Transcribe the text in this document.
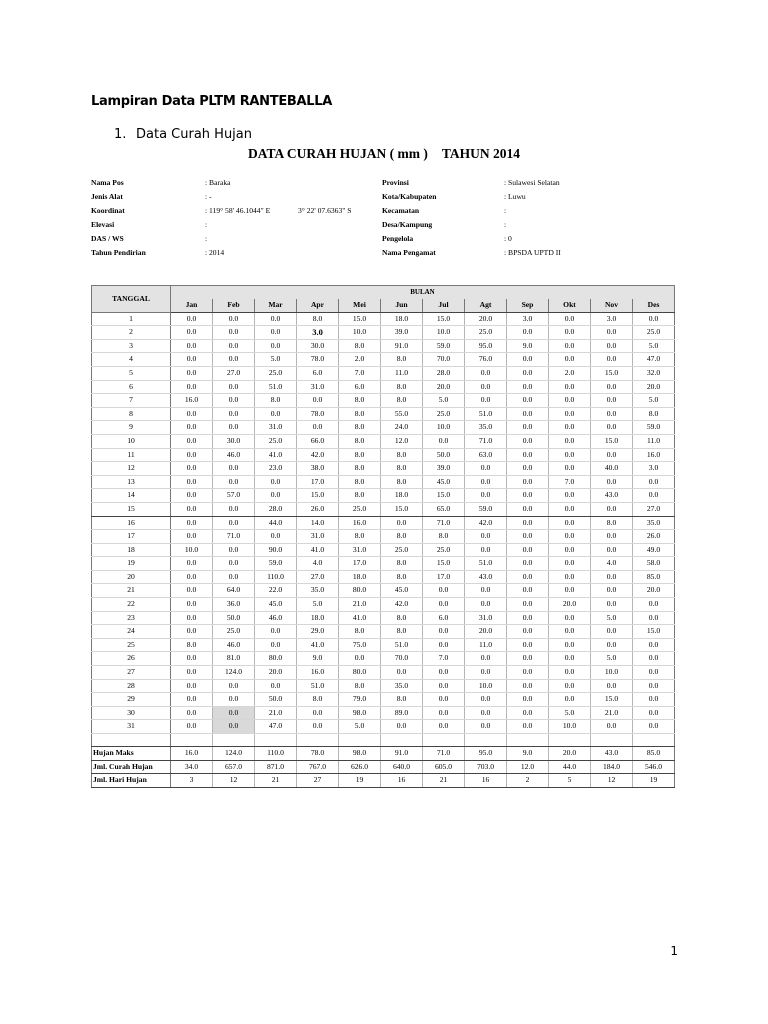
Lampiran Data PLTM RANTEBALLA
1. Data Curah Hujan
DATA CURAH HUJAN ( mm ) TAHUN 2014
Nama Pos	: Baraka
Jenis Alat	: -
Koordinat	: 119° 58' 46.1044" E	3° 22' 07.6363" S
Elevasi	:
DAS / WS	:
Tahun Pendirian	: 2014
Provinsi	: Sulawesi Selatan
Kota/Kabupaten	: Luwu
Kecamatan	:
Desa/Kampung	:
Pengelola	: 0
Nama Pengamat	: BPSDA UPTD II
TANGGAL	BULAN											
	Jan	Feb	Mar	Apr	Mei	Jun	Jul	Agt	Sep	Okt	Nov	Des
1	0.0	0.0	0.0	8.0	15.0	18.0	15.0	20.0	3.0	0.0	3.0	0.0
2	0.0	0.0	0.0	3.0	10.0	39.0	10.0	25.0	0.0	0.0	0.0	25.0
3	0.0	0.0	0.0	30.0	8.0	91.0	59.0	95.0	9.0	0.0	0.0	5.0
4	0.0	0.0	5.0	78.0	2.0	8.0	70.0	76.0	0.0	0.0	0.0	47.0
5	0.0	27.0	25.0	6.0	7.0	11.0	28.0	0.0	0.0	2.0	15.0	32.0
6	0.0	0.0	51.0	31.0	6.0	8.0	20.0	0.0	0.0	0.0	0.0	20.0
7	16.0	0.0	8.0	0.0	8.0	8.0	5.0	0.0	0.0	0.0	0.0	5.0
8	0.0	0.0	0.0	78.0	8.0	55.0	25.0	51.0	0.0	0.0	0.0	8.0
9	0.0	0.0	31.0	0.0	8.0	24.0	10.0	35.0	0.0	0.0	0.0	59.0
10	0.0	30.0	25.0	66.0	8.0	12.0	0.0	71.0	0.0	0.0	15.0	11.0
11	0.0	46.0	41.0	42.0	8.0	8.0	50.0	63.0	0.0	0.0	0.0	16.0
12	0.0	0.0	23.0	38.0	8.0	8.0	39.0	0.0	0.0	0.0	40.0	3.0
13	0.0	0.0	0.0	17.0	8.0	8.0	45.0	0.0	0.0	7.0	0.0	0.0
14	0.0	57.0	0.0	15.0	8.0	18.0	15.0	0.0	0.0	0.0	43.0	0.0
15	0.0	0.0	28.0	26.0	25.0	15.0	65.0	59.0	0.0	0.0	0.0	27.0
16	0.0	0.0	44.0	14.0	16.0	0.0	71.0	42.0	0.0	0.0	8.0	35.0
17	0.0	71.0	0.0	31.0	8.0	8.0	8.0	0.0	0.0	0.0	0.0	26.0
18	10.0	0.0	90.0	41.0	31.0	25.0	25.0	0.0	0.0	0.0	0.0	49.0
19	0.0	0.0	59.0	4.0	17.0	8.0	15.0	51.0	0.0	0.0	4.0	58.0
20	0.0	0.0	110.0	27.0	18.0	8.0	17.0	43.0	0.0	0.0	0.0	85.0
21	0.0	64.0	22.0	35.0	80.0	45.0	0.0	0.0	0.0	0.0	0.0	20.0
22	0.0	36.0	45.0	5.0	21.0	42.0	0.0	0.0	0.0	20.0	0.0	0.0
23	0.0	50.0	46.0	18.0	41.0	8.0	6.0	31.0	0.0	0.0	5.0	0.0
24	0.0	25.0	0.0	29.0	8.0	8.0	0.0	20.0	0.0	0.0	0.0	15.0
25	8.0	46.0	0.0	41.0	75.0	51.0	0.0	11.0	0.0	0.0	0.0	0.0
26	0.0	81.0	80.0	9.0	0.0	70.0	7.0	0.0	0.0	0.0	5.0	0.0
27	0.0	124.0	20.0	16.0	80.0	0.0	0.0	0.0	0.0	0.0	10.0	0.0
28	0.0	0.0	0.0	51.0	8.0	35.0	0.0	10.0	0.0	0.0	0.0	0.0
29	0.0	0.0	50.0	8.0	79.0	8.0	0.0	0.0	0.0	0.0	15.0	0.0
30	0.0	0.0	21.0	0.0	98.0	89.0	0.0	0.0	0.0	5.0	21.0	0.0
31	0.0	0.0	47.0	0.0	5.0	0.0	0.0	0.0	0.0	10.0	0.0	0.0

Hujan Maks	16.0	124.0	110.0	78.0	98.0	91.0	71.0	95.0	9.0	20.0	43.0	85.0
Jml. Curah Hujan	34.0	657.0	871.0	767.0	626.0	640.0	605.0	703.0	12.0	44.0	184.0	546.0
Jml. Hari Hujan	3	12	21	27	19	16	21	16	2	5	12	19
1
